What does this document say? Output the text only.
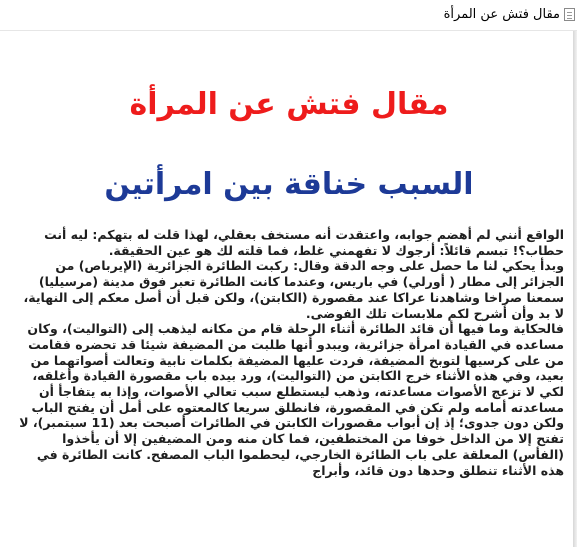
مقال فتش عن المرأة
مقال فتش عن المرأة
السبب خناقة بين امرأتين

الواقع أنني لم أهضم جوابه، واعتقدت أنه مستخف بعقلي، لهذا قلت له بتهكم: ليه أنت حطاب؟! تبسم قائلاً: أرجوك لا تفهمني غلط، فما قلته لك هو عين الحقيقة.

وبدأ يحكي لنا ما حصل على وجه الدقة وقال: ركبت الطائرة الجزائرية (الإيرباص) من الجزائر إلى مطار ( أورلي) في باريس، وعندما كانت الطائرة تعبر فوق مدينة (مرسيليا) سمعنا صراخا وشاهدنا عراكا عند مقصورة (الكابتن)، ولكن قبل أن أصل معكم إلى النهاية، لا بد وأن أشرح لكم ملابسات تلك الفوضى.

فالحكاية وما فيها أن قائد الطائرة أثناء الرحلة قام من مكانه ليذهب إلى (التواليت)، وكان مساعده في القيادة امرأة جزائرية، ويبدو أنها طلبت من المضيفة شيئا قد تحضره فقامت من على كرسيها لتوبخ المضيفة، فردت عليها المضيفة بكلمات نابية وتعالت أصواتهما من بعيد، وفي هذه الأثناء خرج الكابتن من (التواليت)، ورد بيده باب مقصورة القيادة وأغلقه، لكي لا تزعج الأصوات مساعدته، وذهب ليستطلع سبب تعالي الأصوات، وإذا به يتفاجأ أن مساعدته أمامه ولم تكن في المقصورة، فانطلق سريعا كالمعتوه على أمل أن يفتح الباب ولكن دون جدوى؛ إذ إن أبواب مقصورات الكابتن في الطائرات أصبحت بعد (11 سبتمبر)، لا تفتح إلا من الداخل خوفا من المختطفين، فما كان منه ومن المضيفين إلا أن يأخذوا (الفأس) المعلقة على باب الطائرة الخارجي، ليحطموا الباب المصفح. كانت الطائرة في هذه الأثناء تنطلق وحدها دون قائد، وأبراج
